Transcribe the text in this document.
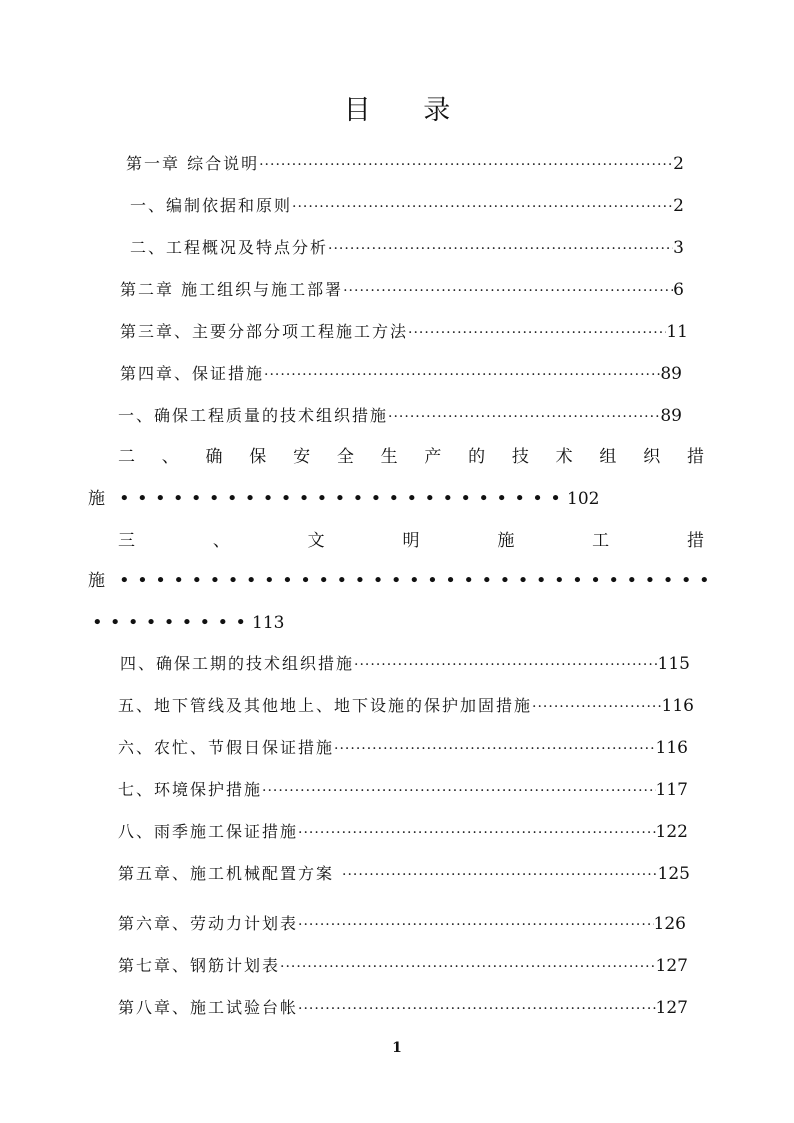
目 录
第一章 综合说明 ·····	2
一、编制依据和原则 ·····	2
二、工程概况及特点分析 ·····	3
第二章 施工组织与施工部署 ·····	6
第三章、主要分部分项工程施工方法 ·····	11
第四章、保证措施 ·····	89
一、确保工程质量的技术组织措施 ·····	89
二 、 确 保 安 全 生 产 的 技 术 组 织 措
施 • • • • • • • • • • • • • • • • • • • • • • • • • 102
三	、	文	明	施	工	措
施 • • • • • • • • • • • • • • • • • • • • • • • • • • • • • • • • •
• • • • • • • • • 113
四、确保工期的技术组织措施 ·····	115
五、地下管线及其他地上、地下设施的保护加固措施 ·····	116
六、农忙、节假日保证措施 ·····	116
七、环境保护措施 ·····	117
八、雨季施工保证措施 ·····	122
第五章、施工机械配置方案 ·····	125
第六章、劳动力计划表 ·····	126
第七章、钢筋计划表 ·····	127
第八章、施工试验台帐 ·····	127
1
